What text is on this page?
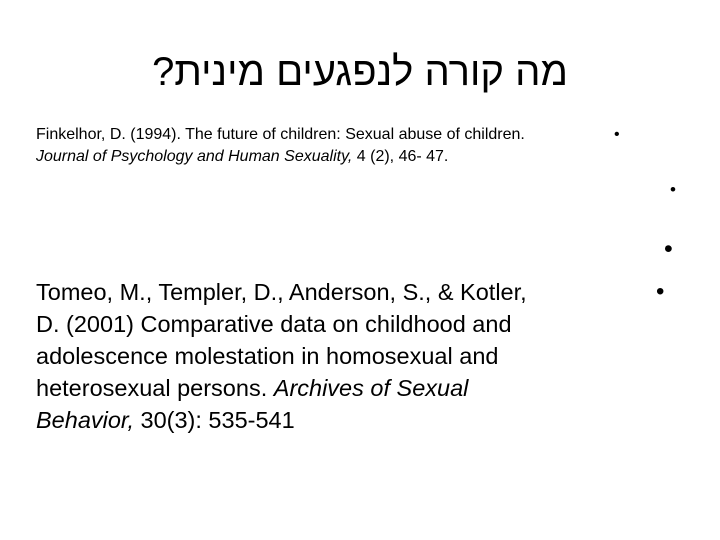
מה קורה לנפגעים מינית?
•
Finkelhor, D. (1994). The future of children: Sexual abuse of children.
Journal of Psychology and Human Sexuality, 4 (2), 46- 47.
•
•
•
Tomeo, M., Templer, D., Anderson, S., & Kotler,
D. (2001) Comparative data on childhood and
adolescence molestation in homosexual and
heterosexual persons. Archives of Sexual
Behavior, 30(3): 535-541
